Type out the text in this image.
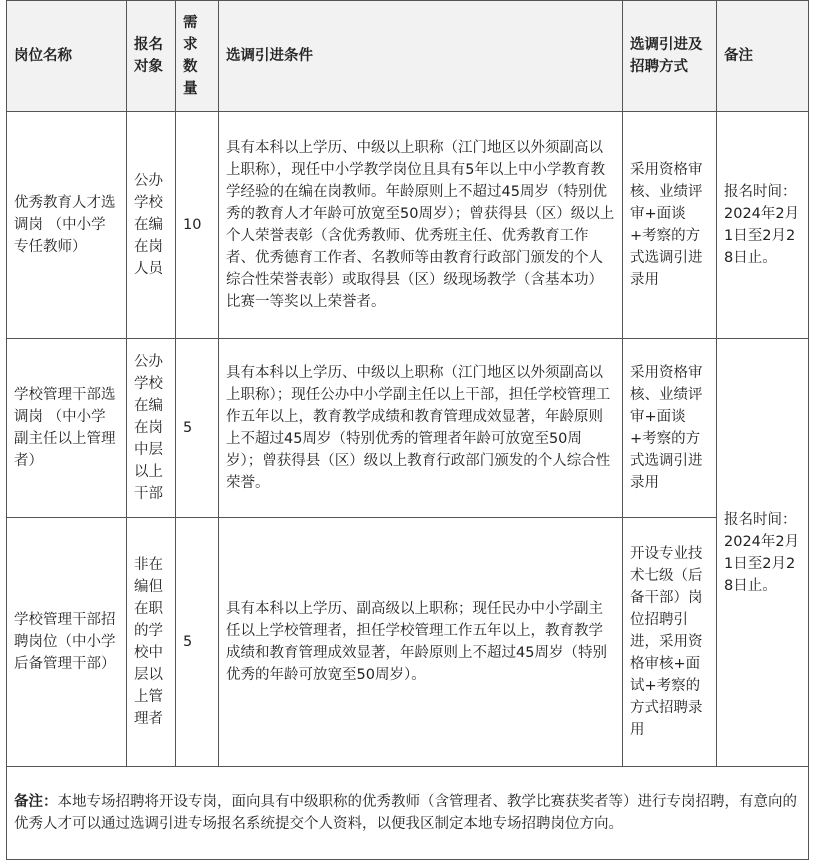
岗位名称	报名对象	需求数量	选调引进条件	选调引进及招聘方式	备注
优秀教育人才选调岗 （中小学专任教师）	公办学校在编在岗人员	10	具有本科以上学历、中级以上职称（江门地区以外须副高以上职称），现任中小学教学岗位且具有5年以上中小学教育教学经验的在编在岗教师。年龄原则上不超过45周岁（特别优秀的教育人才年龄可放宽至50周岁）；曾获得县（区）级以上个人荣誉表彰（含优秀教师、优秀班主任、优秀教育工作者、优秀德育工作者、名教师等由教育行政部门颁发的个人综合性荣誉表彰）或取得县（区）级现场教学（含基本功）比赛一等奖以上荣誉者。	采用资格审核、业绩评审+面谈+考察的方式选调引进录用	报名时间：2024年2月1日至2月28日止。
学校管理干部选调岗 （中小学副主任以上管理者）	公办学校在编在岗中层以上干部	5	具有本科以上学历、中级以上职称（江门地区以外须副高以上职称）；现任公办中小学副主任以上干部，担任学校管理工作五年以上，教育教学成绩和教育管理成效显著，年龄原则上不超过45周岁（特别优秀的管理者年龄可放宽至50周岁）；曾获得县（区）级以上教育行政部门颁发的个人综合性荣誉。	采用资格审核、业绩评审+面谈+考察的方式选调引进录用	报名时间：2024年2月1日至2月28日止。
学校管理干部招聘岗位（中小学后备管理干部）	非在编但在职的学校中层以上管理者	5	具有本科以上学历、副高级以上职称；现任民办中小学副主任以上学校管理者，担任学校管理工作五年以上，教育教学成绩和教育管理成效显著，年龄原则上不超过45周岁（特别优秀的年龄可放宽至50周岁）。	开设专业技术七级（后备干部）岗位招聘引进，采用资格审核+面试+考察的方式招聘录用	
备注：本地专场招聘将开设专岗，面向具有中级职称的优秀教师（含管理者、教学比赛获奖者等）进行专岗招聘，有意向的优秀人才可以通过选调引进专场报名系统提交个人资料，以便我区制定本地专场招聘岗位方向。					
